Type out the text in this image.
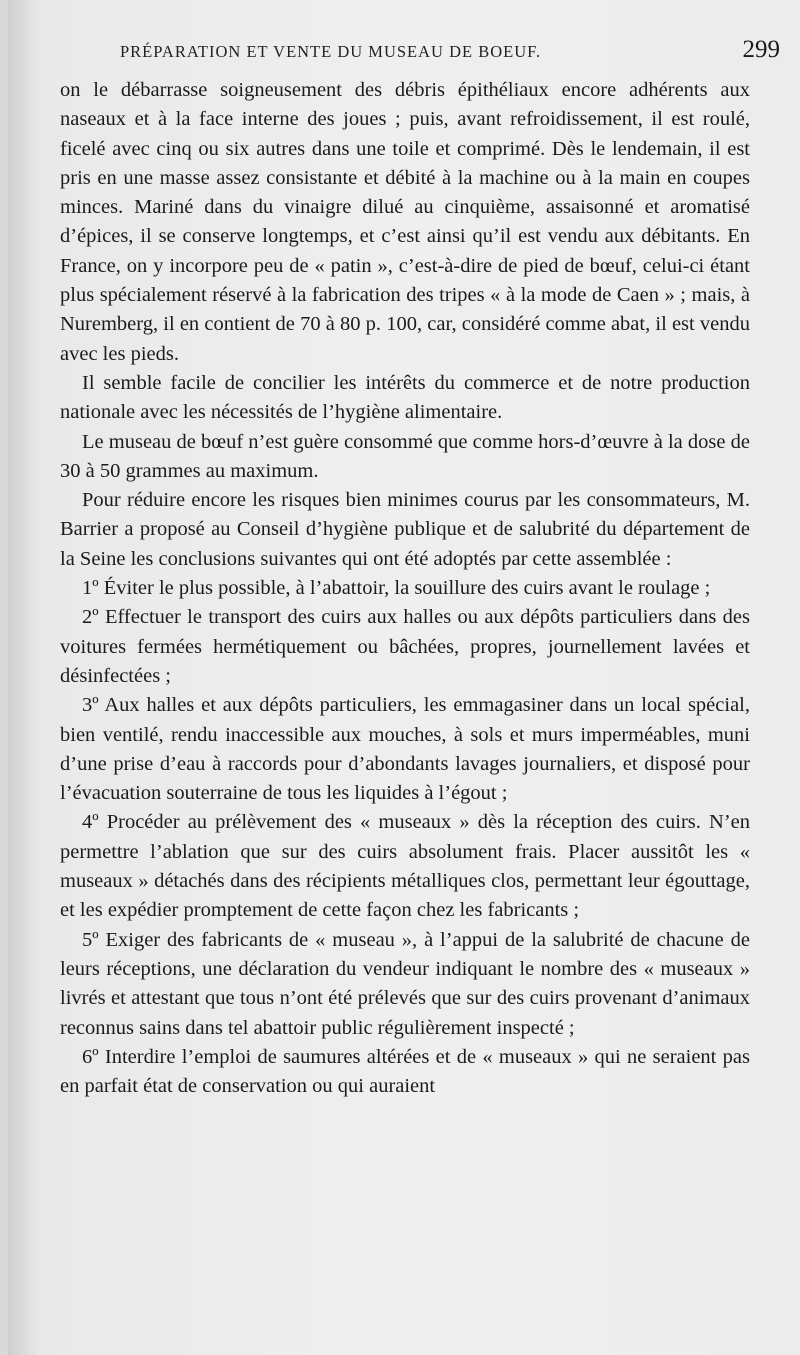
PRÉPARATION ET VENTE DU MUSEAU DE BOEUF.	299

on le débarrasse soigneusement des débris épithéliaux encore adhérents aux naseaux et à la face interne des joues ; puis, avant refroidissement, il est roulé, ficelé avec cinq ou six autres dans une toile et comprimé. Dès le lendemain, il est pris en une masse assez consistante et débité à la machine ou à la main en coupes minces. Mariné dans du vinaigre dilué au cinquième, assaisonné et aromatisé d’épices, il se conserve longtemps, et c’est ainsi qu’il est vendu aux débitants. En France, on y incorpore peu de « patin », c’est-à-dire de pied de bœuf, celui-ci étant plus spécialement réservé à la fabrication des tripes « à la mode de Caen » ; mais, à Nuremberg, il en contient de 70 à 80 p. 100, car, considéré comme abat, il est vendu avec les pieds.

Il semble facile de concilier les intérêts du commerce et de notre production nationale avec les nécessités de l’hygiène alimentaire.

Le museau de bœuf n’est guère consommé que comme hors-d’œuvre à la dose de 30 à 50 grammes au maximum.

Pour réduire encore les risques bien minimes courus par les consommateurs, M. Barrier a proposé au Conseil d’hygiène publique et de salubrité du département de la Seine les conclusions suivantes qui ont été adoptés par cette assemblée :

1º Éviter le plus possible, à l’abattoir, la souillure des cuirs avant le roulage ;

2º Effectuer le transport des cuirs aux halles ou aux dépôts particuliers dans des voitures fermées hermétiquement ou bâchées, propres, journellement lavées et désinfectées ;

3º Aux halles et aux dépôts particuliers, les emmagasiner dans un local spécial, bien ventilé, rendu inaccessible aux mouches, à sols et murs imperméables, muni d’une prise d’eau à raccords pour d’abondants lavages journaliers, et disposé pour l’évacuation souterraine de tous les liquides à l’égout ;

4º Procéder au prélèvement des « museaux » dès la réception des cuirs. N’en permettre l’ablation que sur des cuirs absolument frais. Placer aussitôt les « museaux » détachés dans des récipients métalliques clos, permettant leur égouttage, et les expédier promptement de cette façon chez les fabricants ;

5º Exiger des fabricants de « museau », à l’appui de la salubrité de chacune de leurs réceptions, une déclaration du vendeur indiquant le nombre des « museaux » livrés et attestant que tous n’ont été prélevés que sur des cuirs provenant d’animaux reconnus sains dans tel abattoir public régulièrement inspecté ;

6º Interdire l’emploi de saumures altérées et de « museaux » qui ne seraient pas en parfait état de conservation ou qui auraient
